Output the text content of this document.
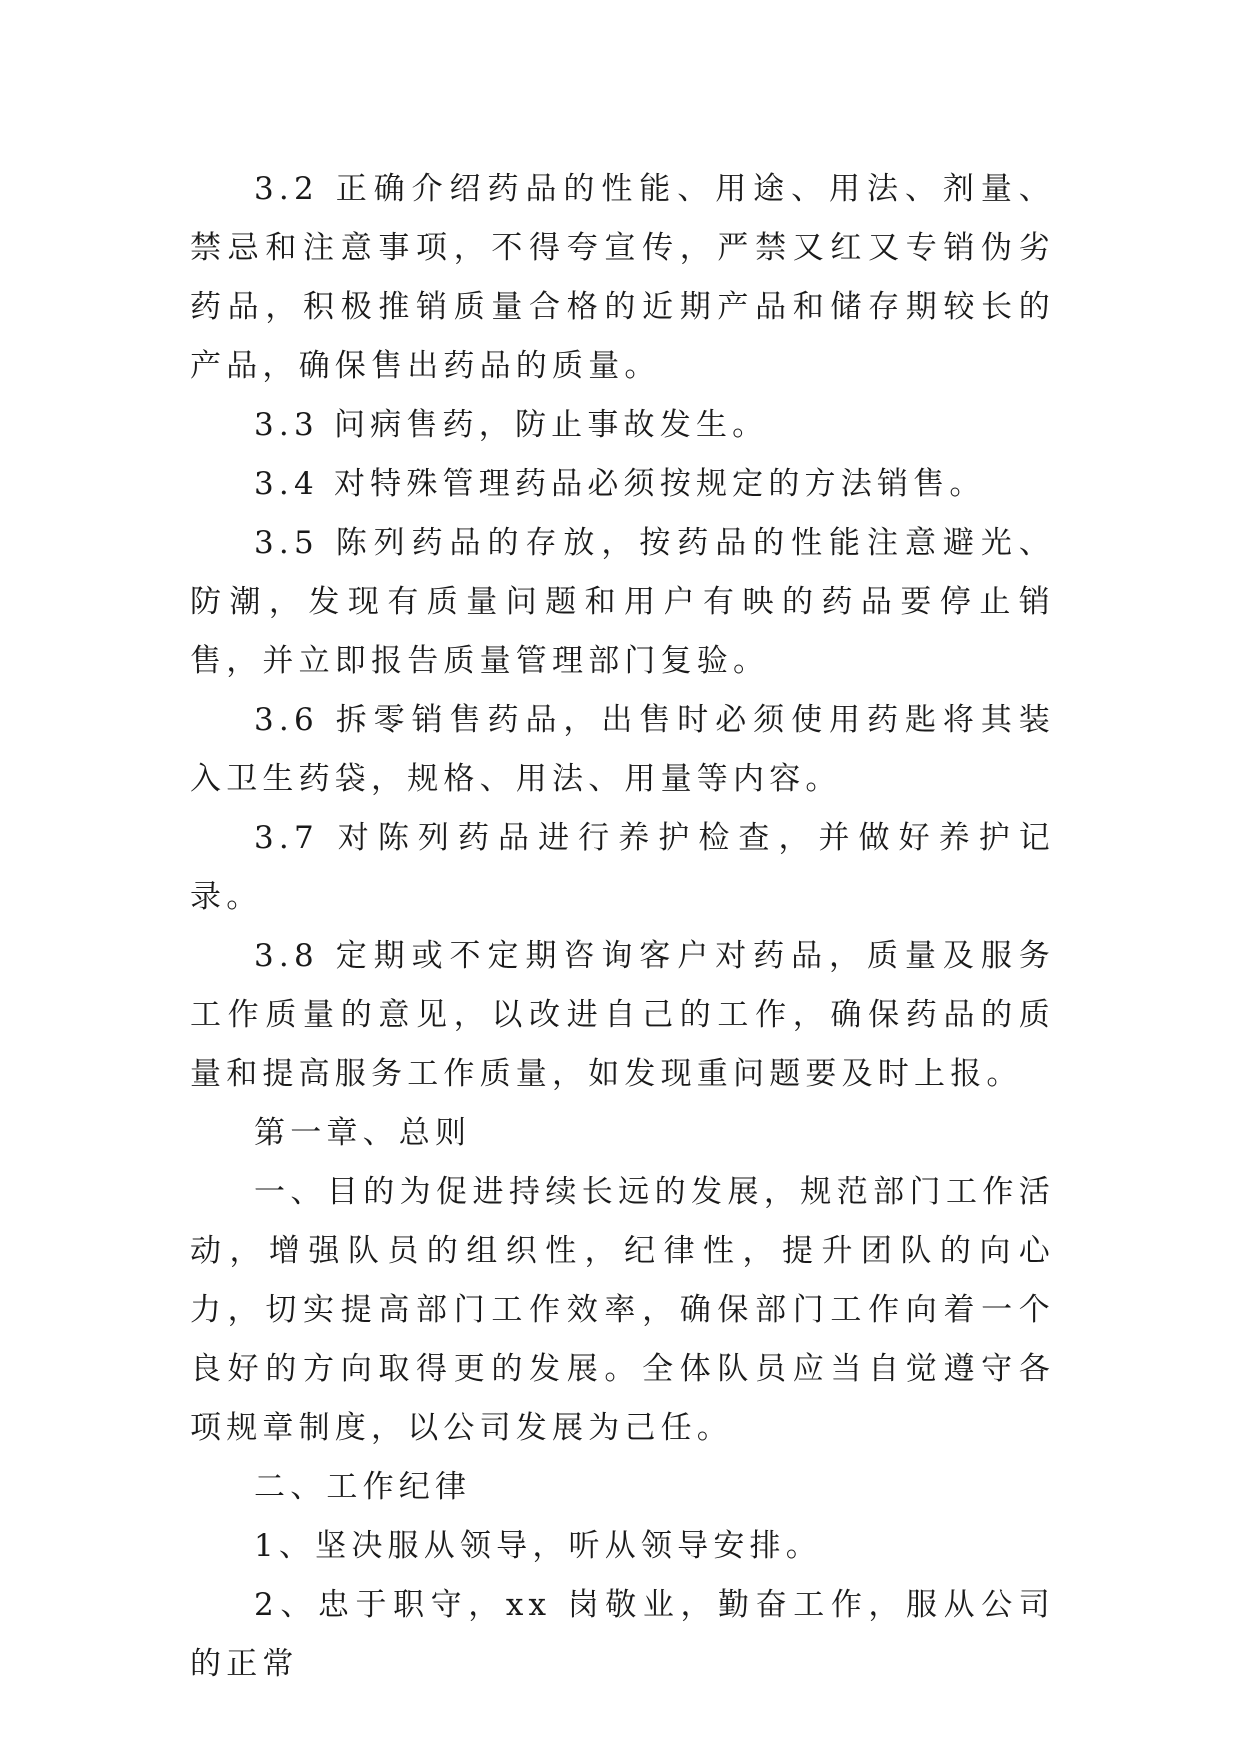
3.2 正确介绍药品的性能、用途、用法、剂量、禁忌和注意事项，不得夸宣传，严禁又红又专销伪劣药品，积极推销质量合格的近期产品和储存期较长的产品，确保售出药品的质量。

3.3 问病售药，防止事故发生。

3.4 对特殊管理药品必须按规定的方法销售。

3.5 陈列药品的存放，按药品的性能注意避光、防潮，发现有质量问题和用户有映的药品要停止销售，并立即报告质量管理部门复验。

3.6 拆零销售药品，出售时必须使用药匙将其装入卫生药袋，规格、用法、用量等内容。

3.7 对陈列药品进行养护检查，并做好养护记录。

3.8 定期或不定期咨询客户对药品，质量及服务工作质量的意见，以改进自己的工作，确保药品的质量和提高服务工作质量，如发现重问题要及时上报。

第一章、总则

一、目的为促进持续长远的发展，规范部门工作活动，增强队员的组织性，纪律性，提升团队的向心力，切实提高部门工作效率，确保部门工作向着一个良好的方向取得更的发展。全体队员应当自觉遵守各项规章制度，以公司发展为己任。

二、工作纪律

1、坚决服从领导，听从领导安排。

2、忠于职守，xx 岗敬业，勤奋工作，服从公司的正常
